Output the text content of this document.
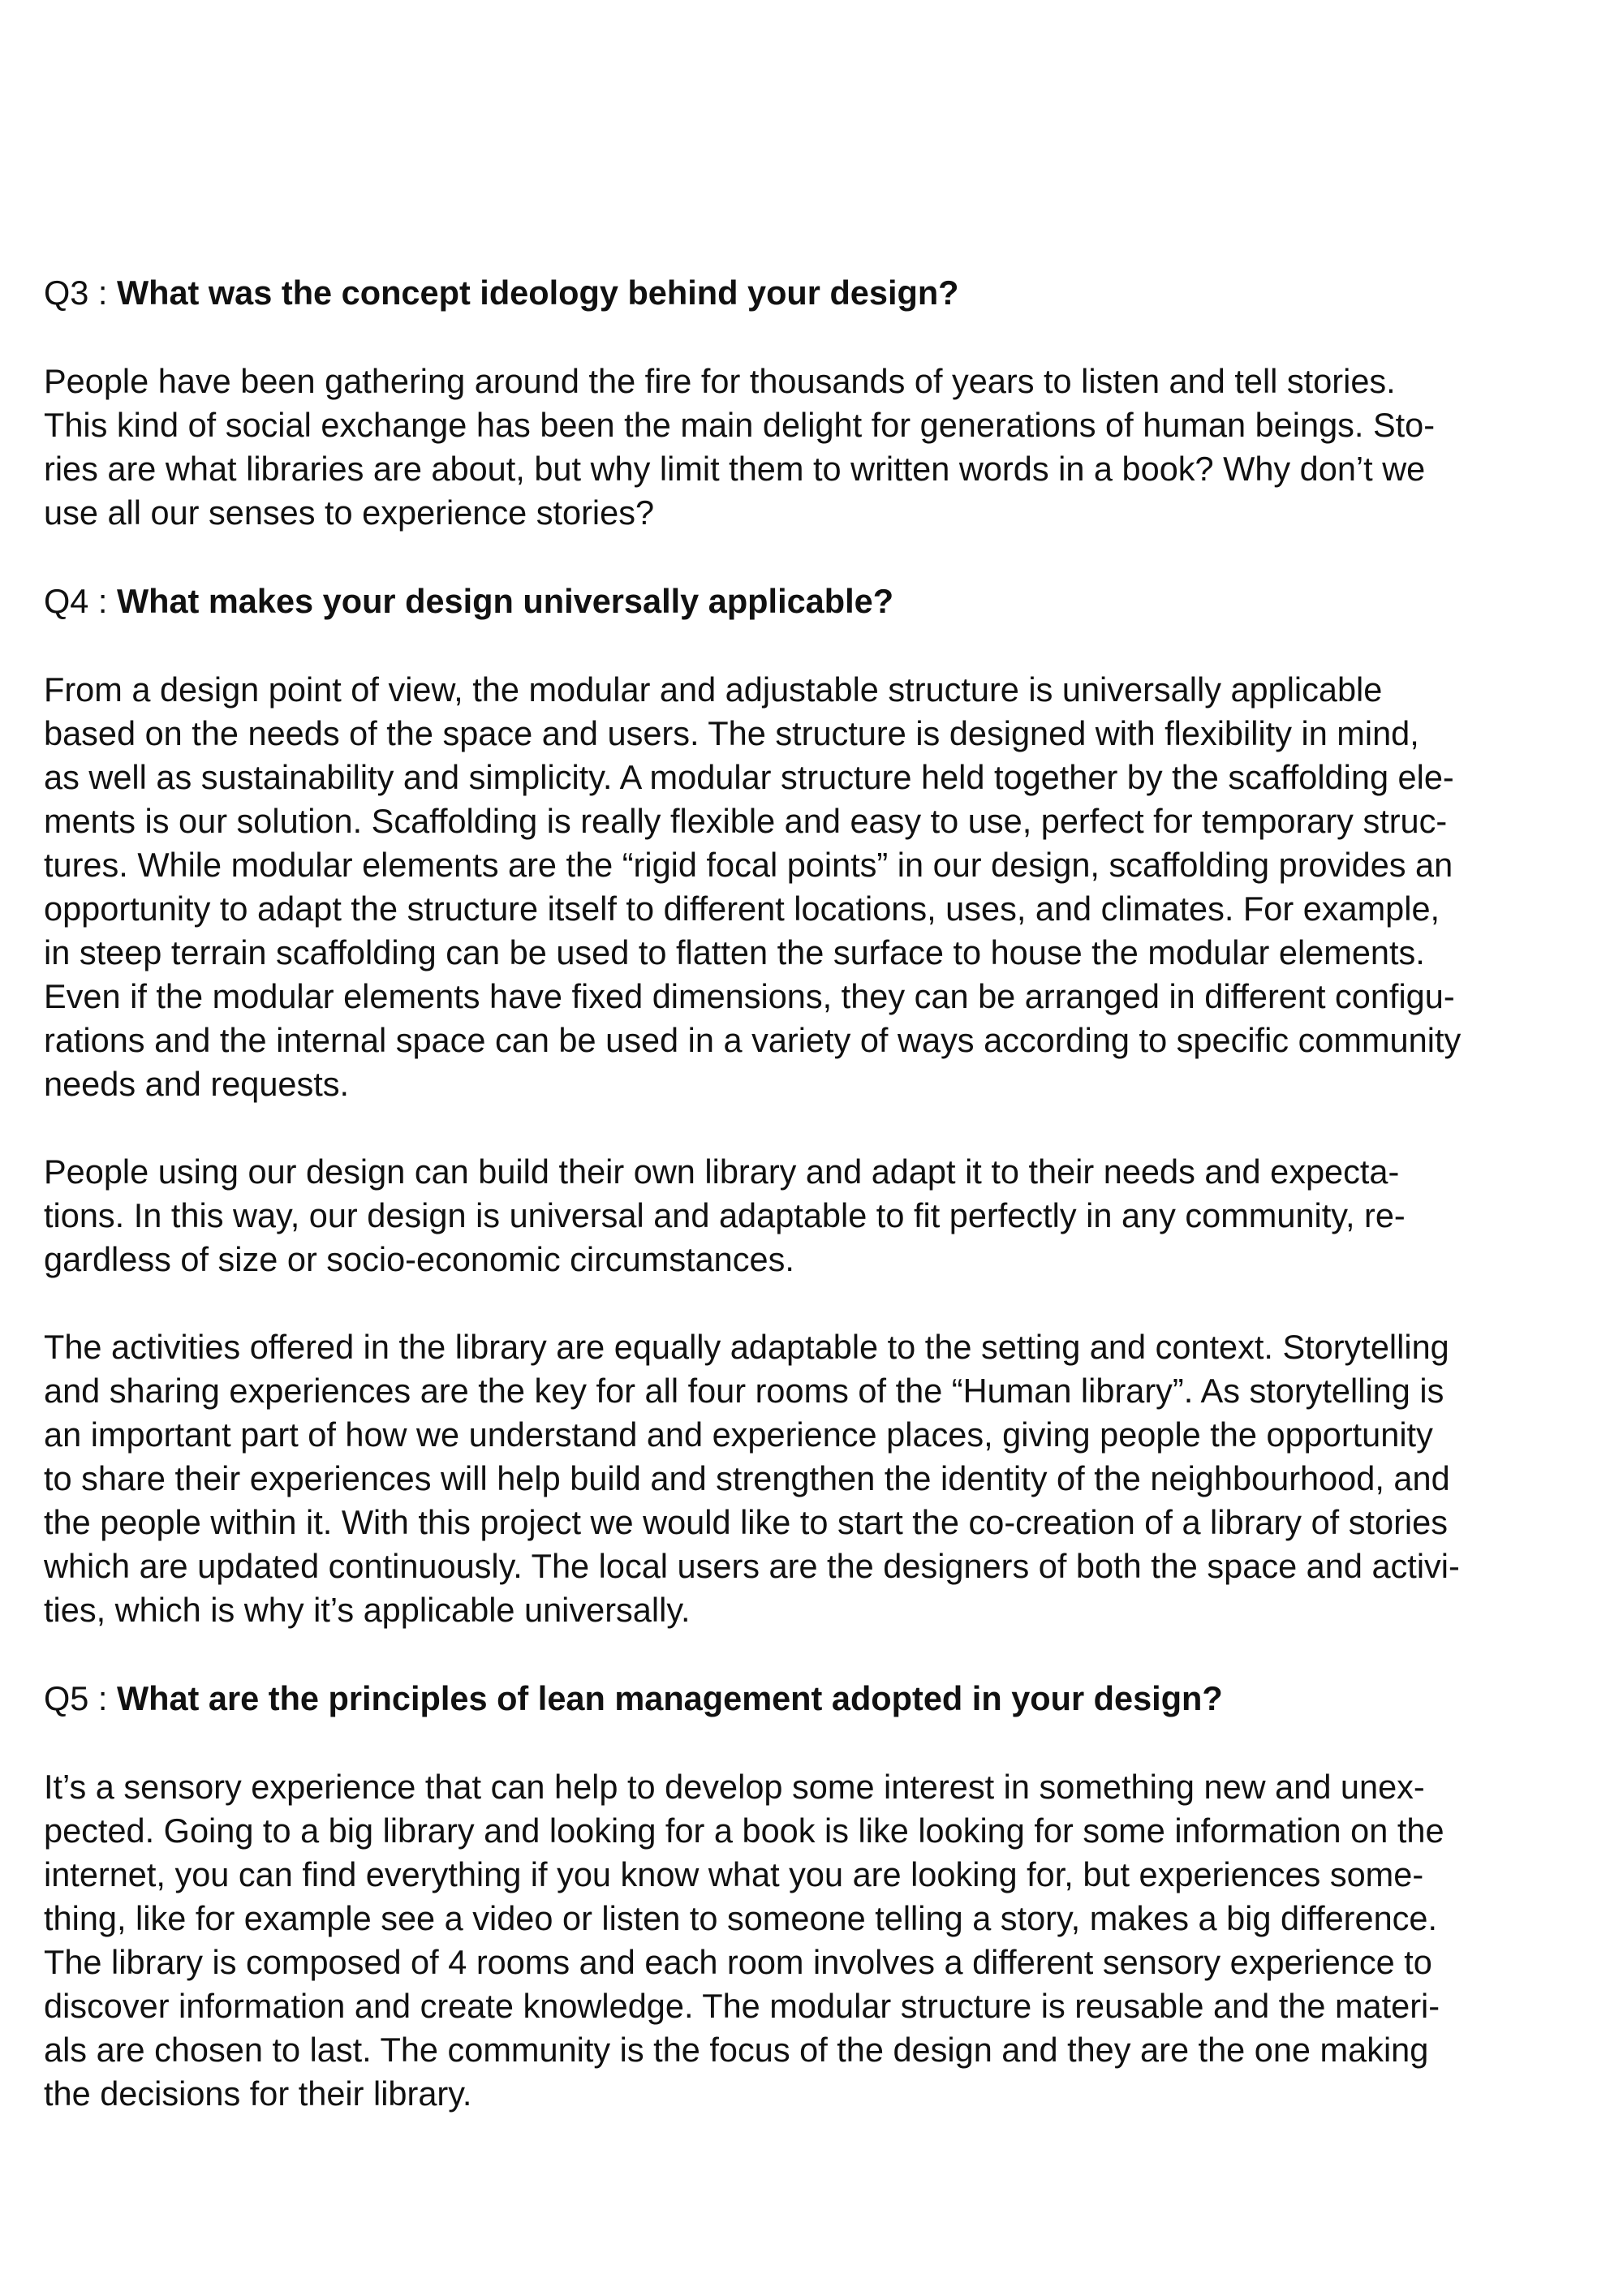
Q3 : What was the concept ideology behind your design?
People have been gathering around the fire for thousands of years to listen and tell stories.
This kind of social exchange has been the main delight for generations of human beings. Sto-
ries are what libraries are about, but why limit them to written words in a book? Why don’t we
use all our senses to experience stories?
Q4 : What makes your design universally applicable?
From a design point of view, the modular and adjustable structure is universally applicable
based on the needs of the space and users. The structure is designed with flexibility in mind,
as well as sustainability and simplicity. A modular structure held together by the scaffolding ele-
ments is our solution. Scaffolding is really flexible and easy to use, perfect for temporary struc-
tures. While modular elements are the “rigid focal points” in our design, scaffolding provides an
opportunity to adapt the structure itself to different locations, uses, and climates. For example,
in steep terrain scaffolding can be used to flatten the surface to house the modular elements.
Even if the modular elements have fixed dimensions, they can be arranged in different configu-
rations and the internal space can be used in a variety of ways according to specific community
needs and requests.
People using our design can build their own library and adapt it to their needs and expecta-
tions. In this way, our design is universal and adaptable to fit perfectly in any community, re-
gardless of size or socio-economic circumstances.
The activities offered in the library are equally adaptable to the setting and context. Storytelling
and sharing experiences are the key for all four rooms of the “Human library”. As storytelling is
an important part of how we understand and experience places, giving people the opportunity
to share their experiences will help build and strengthen the identity of the neighbourhood, and
the people within it. With this project we would like to start the co-creation of a library of stories
which are updated continuously. The local users are the designers of both the space and activi-
ties, which is why it’s applicable universally.
Q5 : What are the principles of lean management adopted in your design?
It’s a sensory experience that can help to develop some interest in something new and unex-
pected. Going to a big library and looking for a book is like looking for some information on the
internet, you can find everything if you know what you are looking for, but experiences some-
thing, like for example see a video or listen to someone telling a story, makes a big difference.
The library is composed of 4 rooms and each room involves a different sensory experience to
discover information and create knowledge. The modular structure is reusable and the materi-
als are chosen to last. The community is the focus of the design and they are the one making
the decisions for their library.
